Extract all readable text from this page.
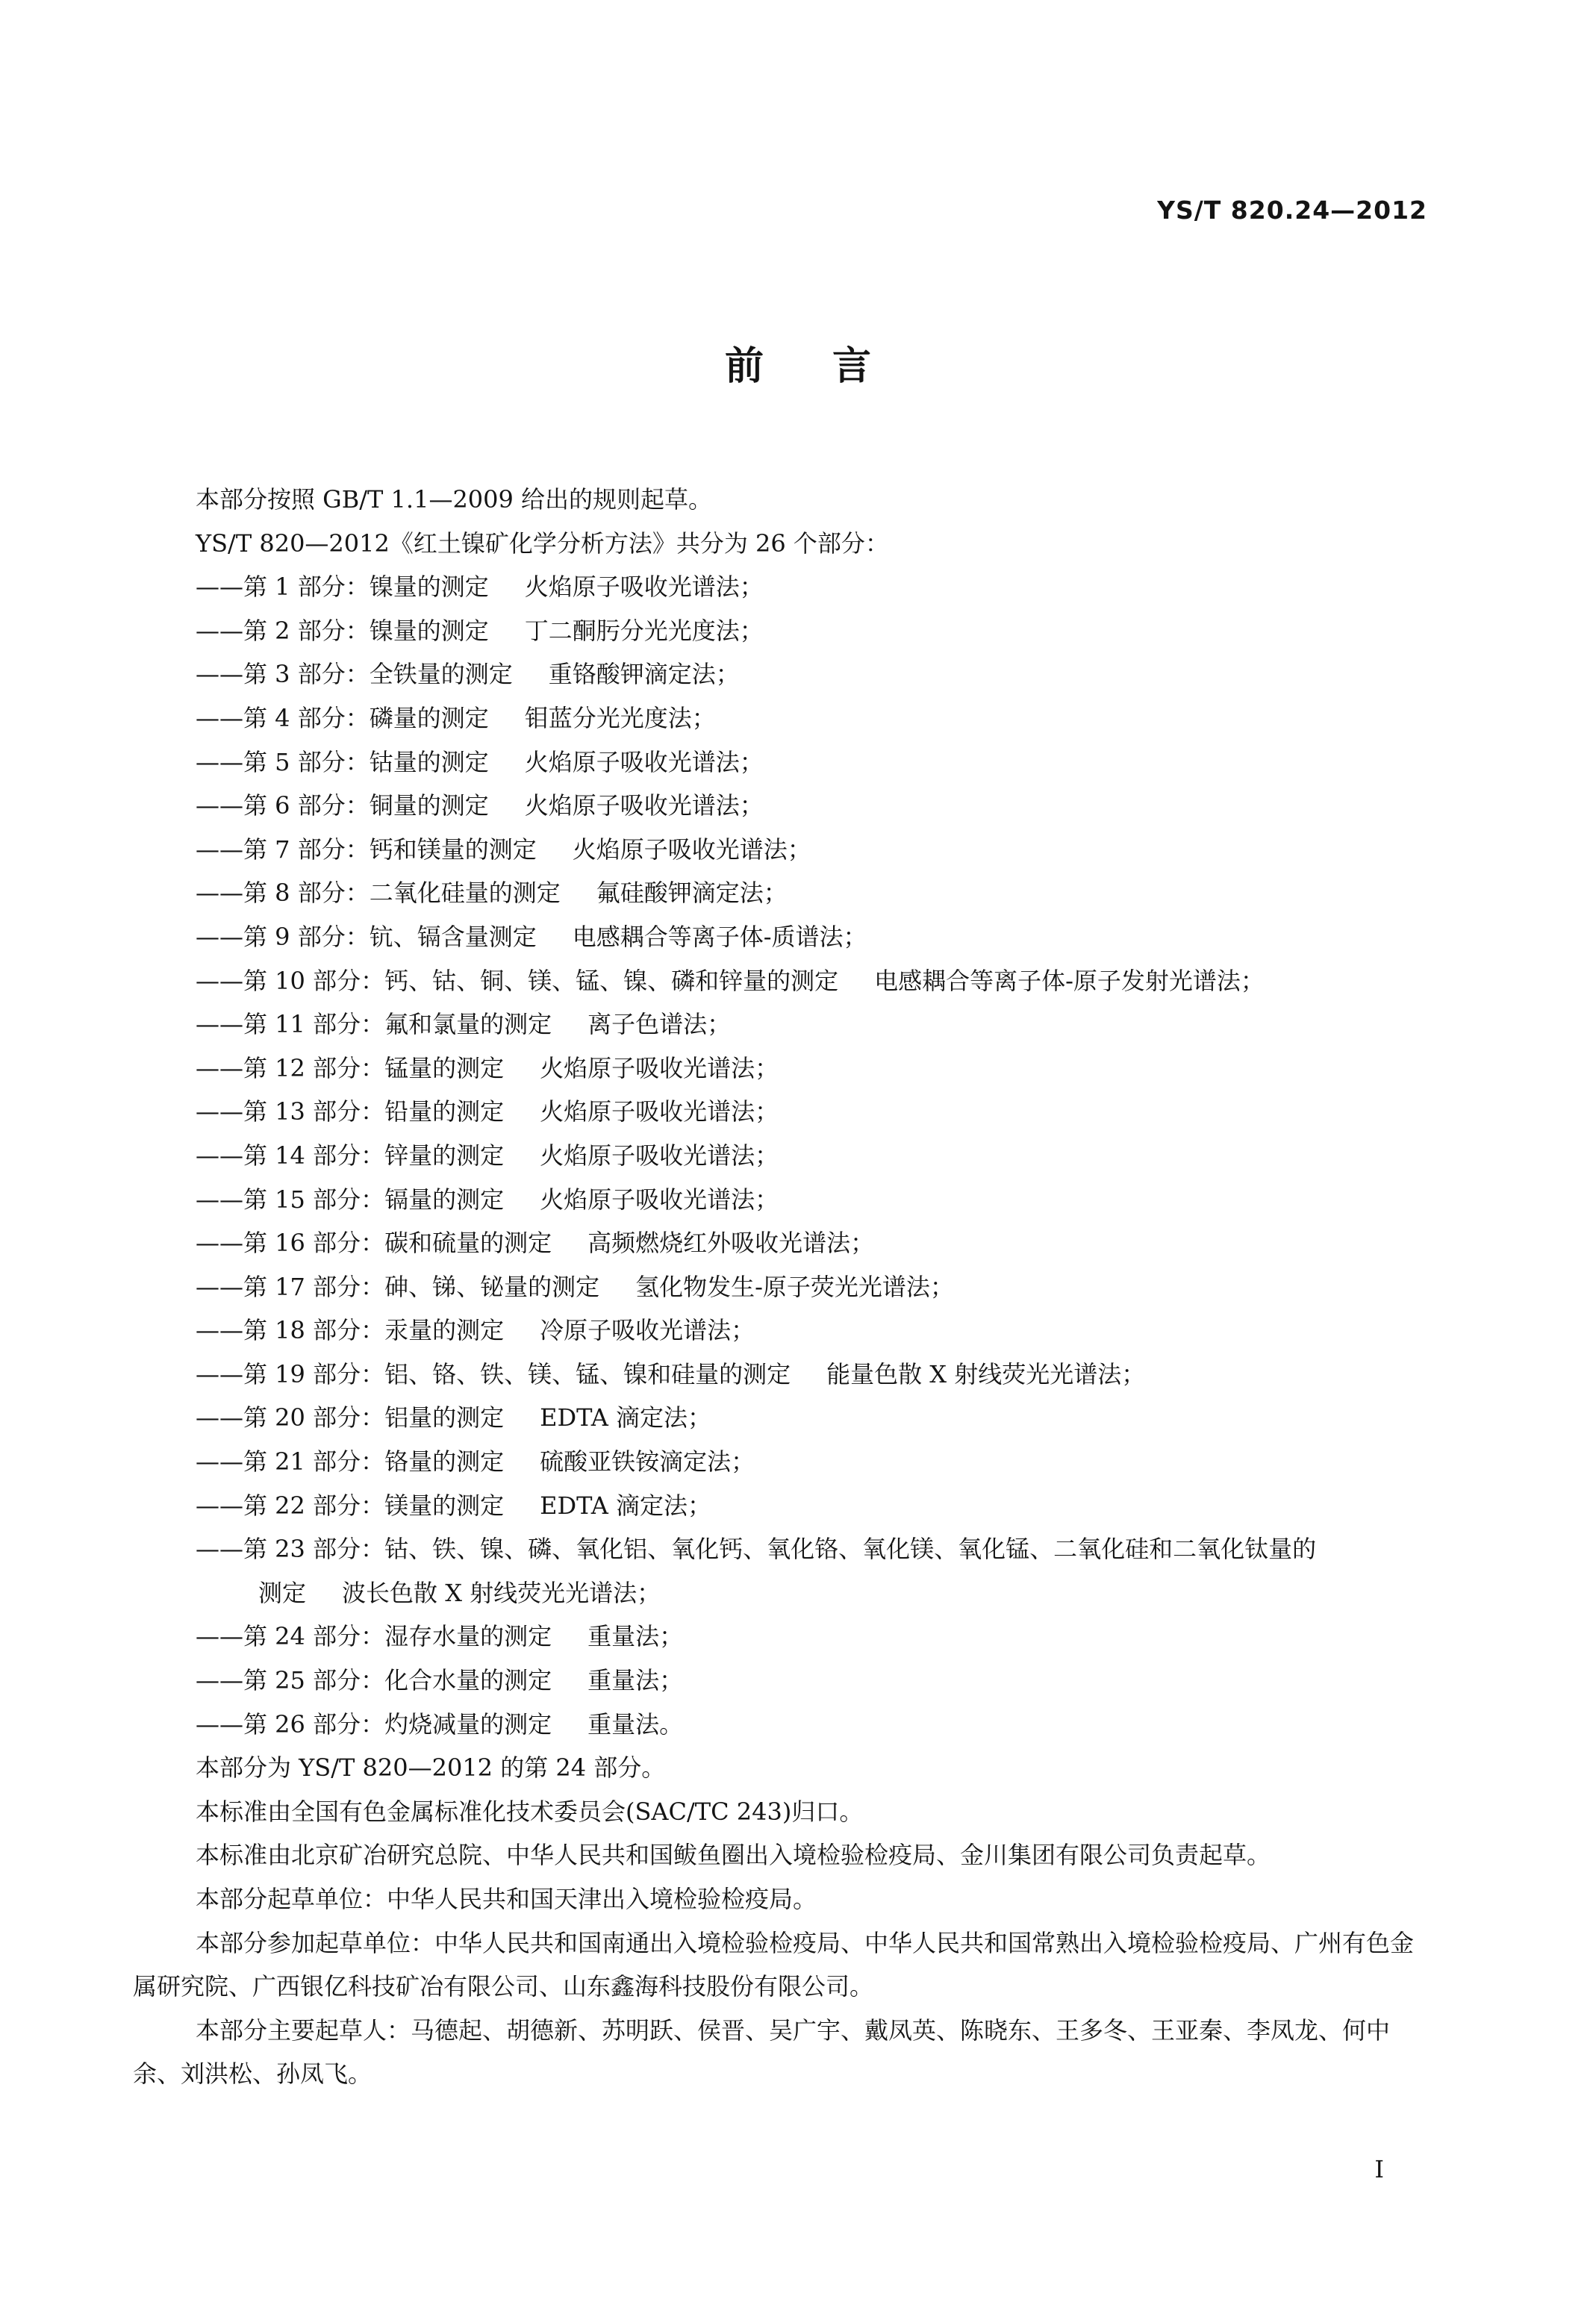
YS/T 820.24—2012
前言

本部分按照 GB/T 1.1—2009 给出的规则起草。

YS/T 820—2012《红土镍矿化学分析方法》共分为 26 个部分：

——第 1 部分：镍量的测定 火焰原子吸收光谱法；

——第 2 部分：镍量的测定 丁二酮肟分光光度法；

——第 3 部分：全铁量的测定 重铬酸钾滴定法；

——第 4 部分：磷量的测定 钼蓝分光光度法；

——第 5 部分：钴量的测定 火焰原子吸收光谱法；

——第 6 部分：铜量的测定 火焰原子吸收光谱法；

——第 7 部分：钙和镁量的测定 火焰原子吸收光谱法；

——第 8 部分：二氧化硅量的测定 氟硅酸钾滴定法；

——第 9 部分：钪、镉含量测定 电感耦合等离子体-质谱法；

——第 10 部分：钙、钴、铜、镁、锰、镍、磷和锌量的测定 电感耦合等离子体-原子发射光谱法；

——第 11 部分：氟和氯量的测定 离子色谱法；

——第 12 部分：锰量的测定 火焰原子吸收光谱法；

——第 13 部分：铅量的测定 火焰原子吸收光谱法；

——第 14 部分：锌量的测定 火焰原子吸收光谱法；

——第 15 部分：镉量的测定 火焰原子吸收光谱法；

——第 16 部分：碳和硫量的测定 高频燃烧红外吸收光谱法；

——第 17 部分：砷、锑、铋量的测定 氢化物发生-原子荧光光谱法；

——第 18 部分：汞量的测定 冷原子吸收光谱法；

——第 19 部分：铝、铬、铁、镁、锰、镍和硅量的测定 能量色散 X 射线荧光光谱法；

——第 20 部分：铝量的测定 EDTA 滴定法；

——第 21 部分：铬量的测定 硫酸亚铁铵滴定法；

——第 22 部分：镁量的测定 EDTA 滴定法；

——第 23 部分：钴、铁、镍、磷、氧化铝、氧化钙、氧化铬、氧化镁、氧化锰、二氧化硅和二氧化钛量的

测定 波长色散 X 射线荧光光谱法；

——第 24 部分：湿存水量的测定 重量法；

——第 25 部分：化合水量的测定 重量法；

——第 26 部分：灼烧减量的测定 重量法。

本部分为 YS/T 820—2012 的第 24 部分。

本标准由全国有色金属标准化技术委员会(SAC/TC 243)归口。

本标准由北京矿冶研究总院、中华人民共和国鲅鱼圈出入境检验检疫局、金川集团有限公司负责起草。

本部分起草单位：中华人民共和国天津出入境检验检疫局。

本部分参加起草单位：中华人民共和国南通出入境检验检疫局、中华人民共和国常熟出入境检验检疫局、广州有色金属研究院、广西银亿科技矿冶有限公司、山东鑫海科技股份有限公司。

本部分主要起草人：马德起、胡德新、苏明跃、侯晋、吴广宇、戴凤英、陈晓东、王多冬、王亚秦、李凤龙、何中余、刘洪松、孙凤飞。

I
